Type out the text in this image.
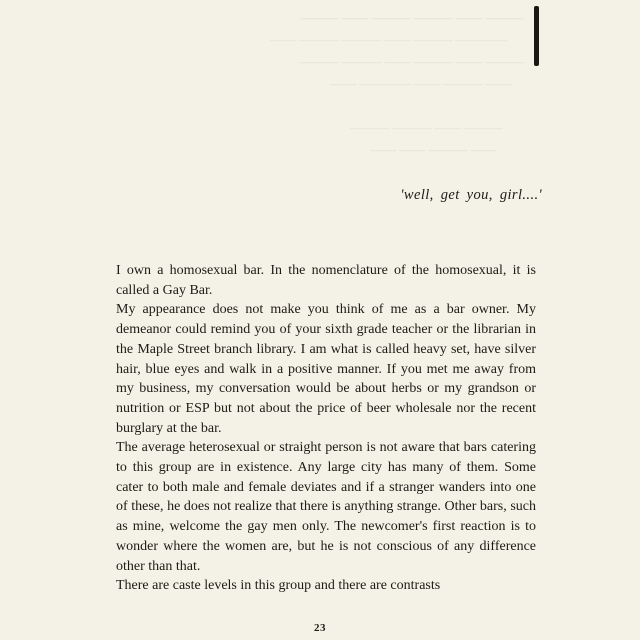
——— —— ——— ——— —— ———
———— ——— —— ——— ——— ——
——— —— ——— —— ——— ———
—— ——— —— ———— ——
——— —— ——— ———
—— ——— —— ——
'well, get you, girl....'

I own a homosexual bar. In the nomenclature of the homosexual, it is called a Gay Bar.

My appearance does not make you think of me as a bar owner. My demeanor could remind you of your sixth grade teacher or the librarian in the Maple Street branch library. I am what is called heavy set, have silver hair, blue eyes and walk in a positive manner. If you met me away from my business, my conversation would be about herbs or my grandson or nutrition or ESP but not about the price of beer wholesale nor the recent burglary at the bar.

The average heterosexual or straight person is not aware that bars catering to this group are in existence. Any large city has many of them. Some cater to both male and female deviates and if a stranger wanders into one of these, he does not realize that there is anything strange. Other bars, such as mine, welcome the gay men only. The newcomer's first reaction is to wonder where the women are, but he is not conscious of any difference other than that.

There are caste levels in this group and there are contrasts

23
